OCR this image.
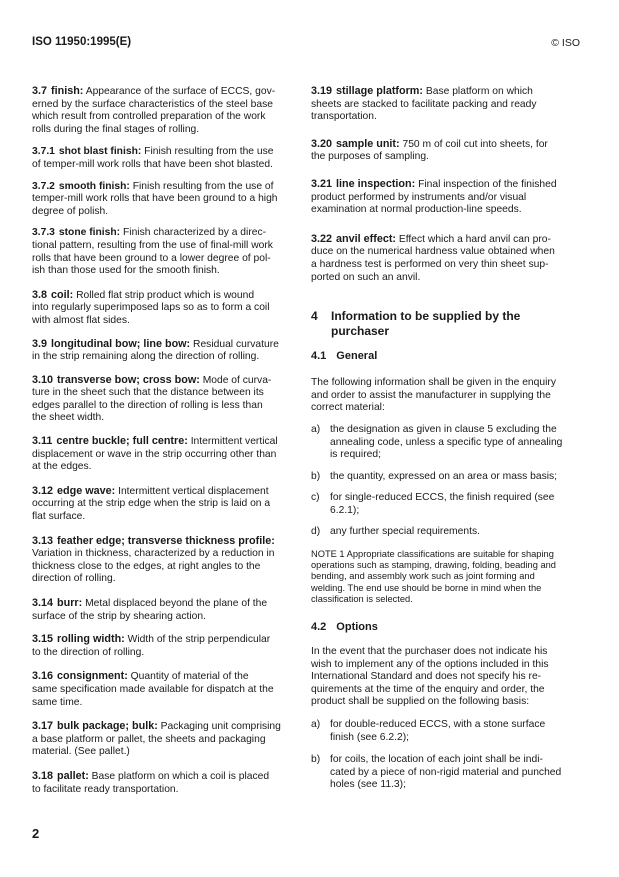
ISO 11950:1995(E)	© ISO
3.7 finish: Appearance of the surface of ECCS, gov-
erned by the surface characteristics of the steel base
which result from controlled preparation of the work
rolls during the final stages of rolling.
3.7.1 shot blast finish: Finish resulting from the use
of temper-mill work rolls that have been shot blasted.
3.7.2 smooth finish: Finish resulting from the use of
temper-mill work rolls that have been ground to a high
degree of polish.
3.7.3 stone finish: Finish characterized by a direc-
tional pattern, resulting from the use of final-mill work
rolls that have been ground to a lower degree of pol-
ish than those used for the smooth finish.
3.8 coil: Rolled flat strip product which is wound
into regularly superimposed laps so as to form a coil
with almost flat sides.
3.9 longitudinal bow; line bow: Residual curvature
in the strip remaining along the direction of rolling.
3.10 transverse bow; cross bow: Mode of curva-
ture in the sheet such that the distance between its
edges parallel to the direction of rolling is less than
the sheet width.
3.11 centre buckle; full centre: Intermittent vertical
displacement or wave in the strip occurring other than
at the edges.
3.12 edge wave: Intermittent vertical displacement
occurring at the strip edge when the strip is laid on a
flat surface.
3.13 feather edge; transverse thickness profile:
Variation in thickness, characterized by a reduction in
thickness close to the edges, at right angles to the
direction of rolling.
3.14 burr: Metal displaced beyond the plane of the
surface of the strip by shearing action.
3.15 rolling width: Width of the strip perpendicular
to the direction of rolling.
3.16 consignment: Quantity of material of the
same specification made available for dispatch at the
same time.
3.17 bulk package; bulk: Packaging unit comprising
a base platform or pallet, the sheets and packaging
material. (See pallet.)
3.18 pallet: Base platform on which a coil is placed
to facilitate ready transportation.
3.19 stillage platform: Base platform on which
sheets are stacked to facilitate packing and ready
transportation.
3.20 sample unit: 750 m of coil cut into sheets, for
the purposes of sampling.
3.21 line inspection: Final inspection of the finished
product performed by instruments and/or visual
examination at normal production-line speeds.
3.22 anvil effect: Effect which a hard anvil can pro-
duce on the numerical hardness value obtained when
a hardness test is performed on very thin sheet sup-
ported on such an anvil.
4	Information to be supplied by the
purchaser
4.1 General
The following information shall be given in the enquiry
and order to assist the manufacturer in supplying the
correct material:
a) the designation as given in clause 5 excluding the
annealing code, unless a specific type of annealing
is required;
b) the quantity, expressed on an area or mass basis;
c)	for single-reduced ECCS, the finish required (see
6.2.1);
d) any further special requirements.
NOTE 1 Appropriate classifications are suitable for shaping
operations such as stamping, drawing, folding, beading and
bending, and assembly work such as joint forming and
welding. The end use should be borne in mind when the
classification is selected.
4.2 Options
In the event that the purchaser does not indicate his
wish to implement any of the options included in this
International Standard and does not specify his re-
quirements at the time of the enquiry and order, the
product shall be supplied on the following basis:
a) for double-reduced ECCS, with a stone surface
finish (see 6.2.2);
b) for coils, the location of each joint shall be indi-
cated by a piece of non-rigid material and punched
holes (see 11.3);
2
